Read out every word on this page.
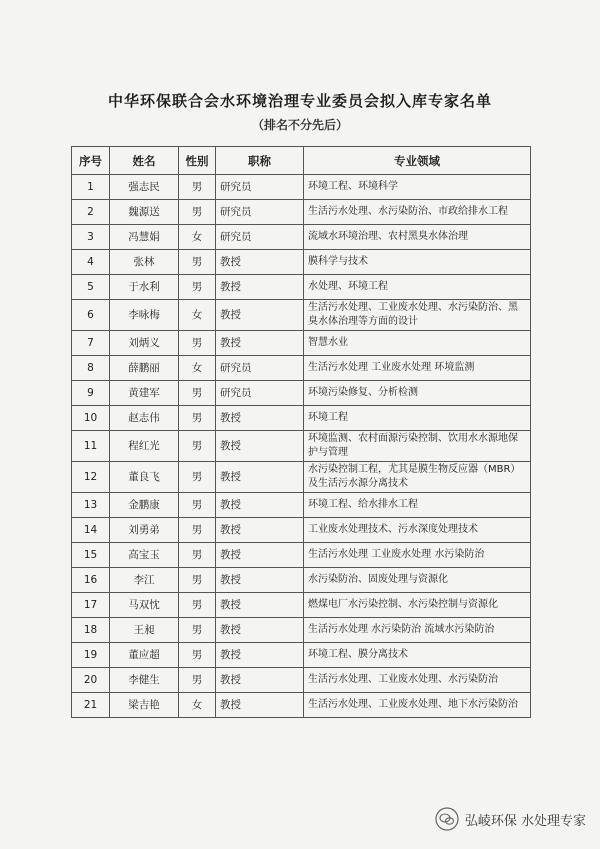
中华环保联合会水环境治理专业委员会拟入库专家名单
（排名不分先后）
序号	姓名	性别	职称	专业领域
1	强志民	男	研究员	环境工程、环境科学
2	魏源送	男	研究员	生活污水处理、水污染防治、市政给排水工程
3	冯慧娟	女	研究员	流域水环境治理、农村黑臭水体治理
4	张林	男	教授	膜科学与技术
5	于水利	男	教授	水处理、环境工程
6	李咏梅	女	教授	生活污水处理、工业废水处理、水污染防治、黑臭水体治理等方面的设计
7	刘炳义	男	教授	智慧水业
8	薛鹏丽	女	研究员	生活污水处理 工业废水处理 环境监测
9	黄建军	男	研究员	环境污染修复、分析检测
10	赵志伟	男	教授	环境工程
11	程红光	男	教授	环境监测、农村面源污染控制、饮用水水源地保护与管理
12	董良飞	男	教授	水污染控制工程，尤其是膜生物反应器（MBR）及生活污水源分离技术
13	金鹏康	男	教授	环境工程、给水排水工程
14	刘勇弟	男	教授	工业废水处理技术、污水深度处理技术
15	高宝玉	男	教授	生活污水处理 工业废水处理 水污染防治
16	李江	男	教授	水污染防治、固废处理与资源化
17	马双忱	男	教授	燃煤电厂水污染控制、水污染控制与资源化
18	王昶	男	教授	生活污水处理 水污染防治 流域水污染防治
19	董应超	男	教授	环境工程、膜分离技术
20	李健生	男	教授	生活污水处理、工业废水处理、水污染防治
21	梁吉艳	女	教授	生活污水处理、工业废水处理、地下水污染防治
弘崚环保 水处理专家
